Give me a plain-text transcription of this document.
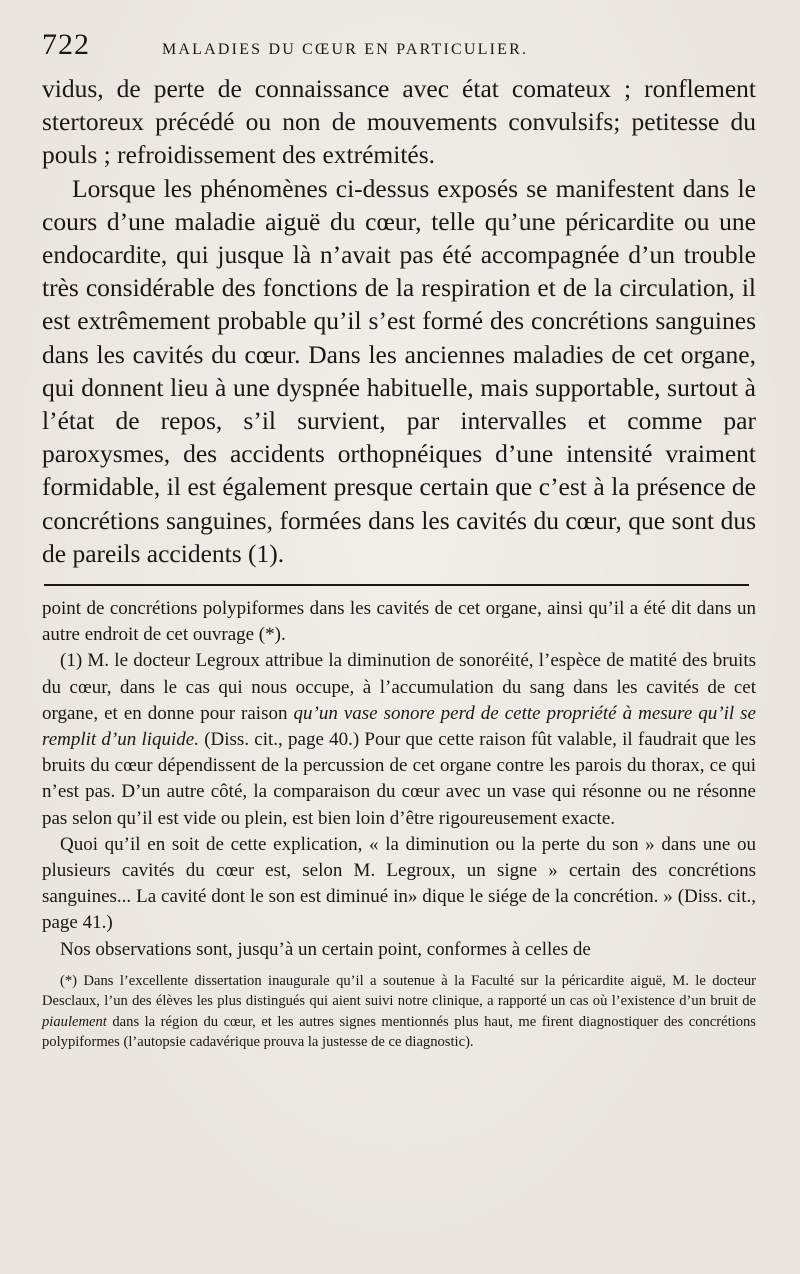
722	MALADIES DU CŒUR EN PARTICULIER.

vidus, de perte de connaissance avec état comateux ; ronflement stertoreux précédé ou non de mouvements convulsifs; petitesse du pouls ; refroidissement des extrémités.

Lorsque les phénomènes ci-dessus exposés se manifestent dans le cours d’une maladie aiguë du cœur, telle qu’une péricardite ou une endocardite, qui jusque là n’avait pas été accompagnée d’un trouble très considérable des fonctions de la respiration et de la circulation, il est extrêmement probable qu’il s’est formé des concrétions sanguines dans les cavités du cœur. Dans les anciennes maladies de cet organe, qui donnent lieu à une dyspnée habituelle, mais supportable, surtout à l’état de repos, s’il survient, par intervalles et comme par paroxysmes, des accidents orthopnéiques d’une intensité vraiment formidable, il est également presque certain que c’est à la présence de concrétions sanguines, formées dans les cavités du cœur, que sont dus de pareils accidents (1).

point de concrétions polypiformes dans les cavités de cet organe, ainsi qu’il a été dit dans un autre endroit de cet ouvrage (*).

(1) M. le docteur Legroux attribue la diminution de sonoréité, l’espèce de matité des bruits du cœur, dans le cas qui nous occupe, à l’accumulation du sang dans les cavités de cet organe, et en donne pour raison qu’un vase sonore perd de cette propriété à mesure qu’il se remplit d’un liquide. (Diss. cit., page 40.) Pour que cette raison fût valable, il faudrait que les bruits du cœur dépendissent de la percussion de cet organe contre les parois du thorax, ce qui n’est pas. D’un autre côté, la comparaison du cœur avec un vase qui résonne ou ne résonne pas selon qu’il est vide ou plein, est bien loin d’être rigoureusement exacte.

Quoi qu’il en soit de cette explication, « la diminution ou la perte du son » dans une ou plusieurs cavités du cœur est, selon M. Legroux, un signe » certain des concrétions sanguines... La cavité dont le son est diminué in» dique le siége de la concrétion. » (Diss. cit., page 41.)

Nos observations sont, jusqu’à un certain point, conformes à celles de

(*) Dans l’excellente dissertation inaugurale qu’il a soutenue à la Faculté sur la péricardite aiguë, M. le docteur Desclaux, l’un des élèves les plus distingués qui aient suivi notre clinique, a rapporté un cas où l’existence d’un bruit de piaulement dans la région du cœur, et les autres signes mentionnés plus haut, me firent diagnostiquer des concrétions polypiformes (l’autopsie cadavérique prouva la justesse de ce diagnostic).
